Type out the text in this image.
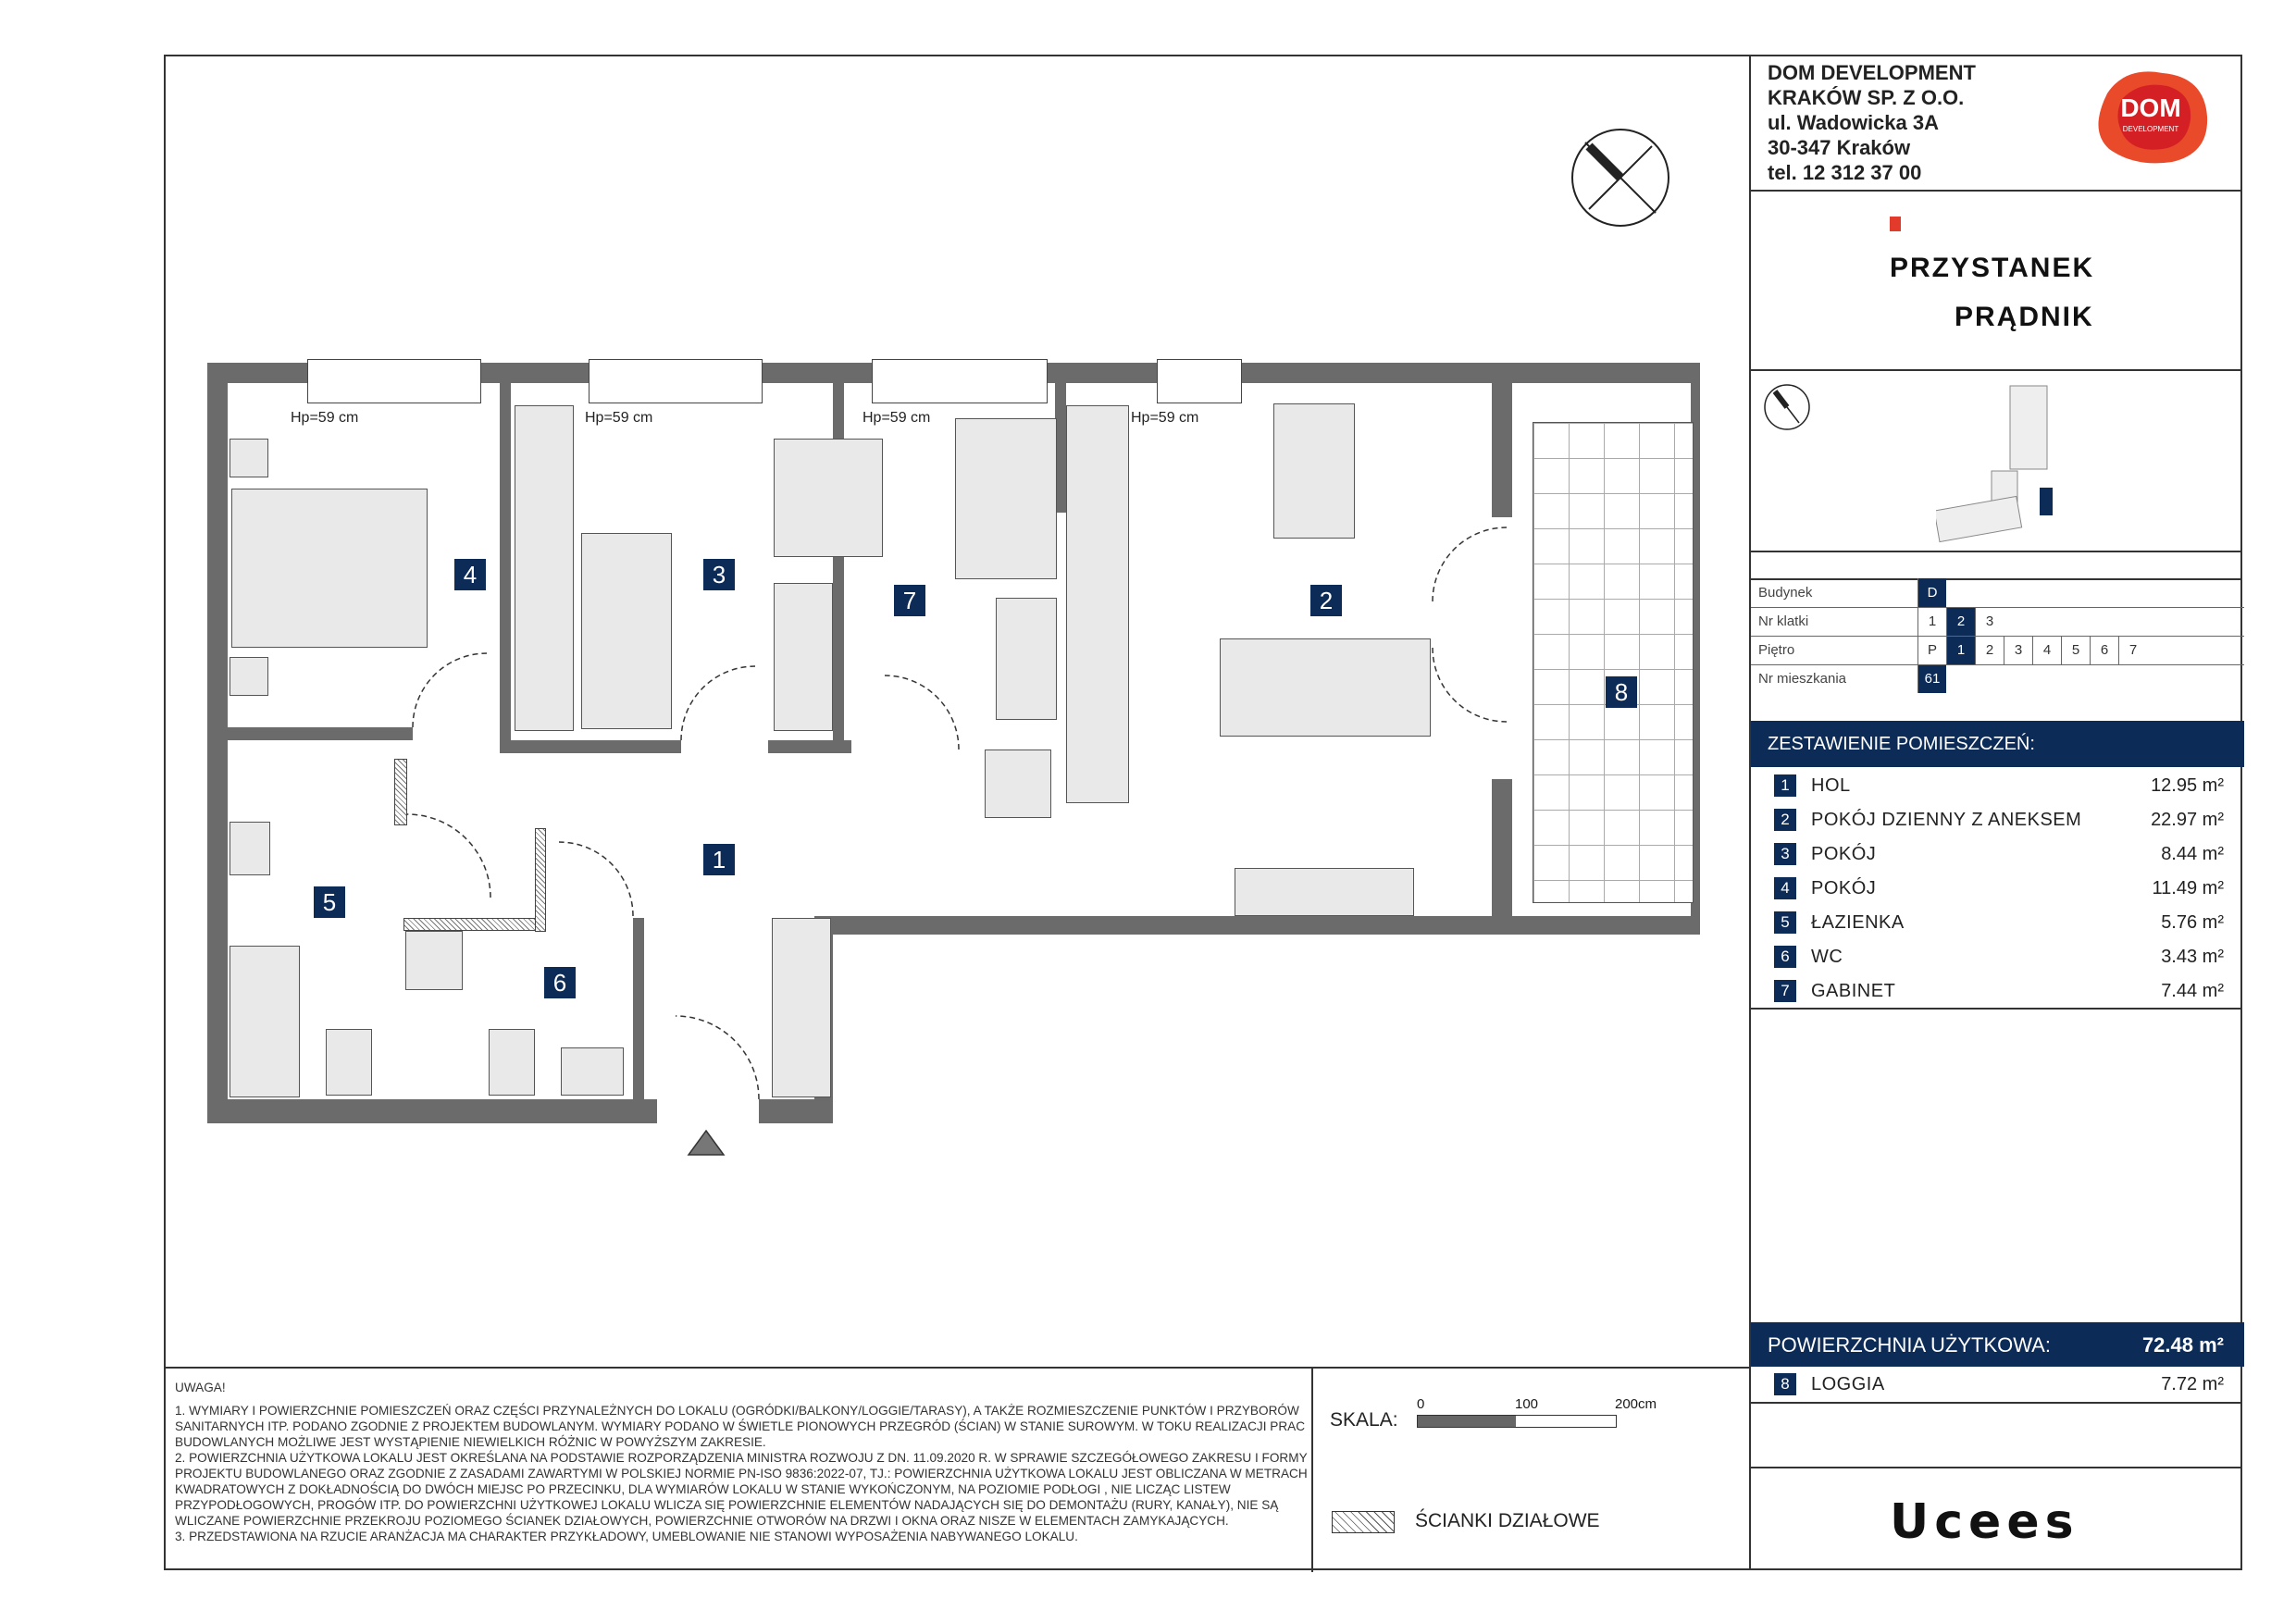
Hp=59 cm	Hp=59 cm	Hp=59 cm	Hp=59 cm
4	3
7	2
8
5
1
6

UWAGA!

1. WYMIARY I POWIERZCHNIE POMIESZCZEŃ ORAZ CZĘŚCI PRZYNALEŻNYCH DO LOKALU (OGRÓDKI/BALKONY/LOGGIE/TARASY), A TAKŻE ROZMIESZCZENIE PUNKTÓW I PRZYBORÓW SANITARNYCH ITP. PODANO ZGODNIE Z PROJEKTEM BUDOWLANYM. WYMIARY PODANO W ŚWIETLE PIONOWYCH PRZEGRÓD (ŚCIAN) W STANIE SUROWYM. W TOKU REALIZACJI PRAC BUDOWLANYCH MOŻLIWE JEST WYSTĄPIENIE NIEWIELKICH RÓŻNIC W POWYŻSZYM ZAKRESIE.

2. POWIERZCHNIA UŻYTKOWA LOKALU JEST OKREŚLANA NA PODSTAWIE ROZPORZĄDZENIA MINISTRA ROZWOJU Z DN. 11.09.2020 R. W SPRAWIE SZCZEGÓŁOWEGO ZAKRESU I FORMY PROJEKTU BUDOWLANEGO ORAZ ZGODNIE Z ZASADAMI ZAWARTYMI W POLSKIEJ NORMIE PN-ISO 9836:2022-07, TJ.: POWIERZCHNIA UŻYTKOWA LOKALU JEST OBLICZANA W METRACH KWADRATOWYCH Z DOKŁADNOŚCIĄ DO DWÓCH MIEJSC PO PRZECINKU, DLA WYMIARÓW LOKALU W STANIE WYKOŃCZONYM, NA POZIOMIE PODŁOGI , NIE LICZĄC LISTEW PRZYPODŁOGOWYCH, PROGÓW ITP. DO POWIERZCHNI UŻYTKOWEJ LOKALU WLICZA SIĘ POWIERZCHNIE ELEMENTÓW NADAJĄCYCH SIĘ DO DEMONTAŻU (RURY, KANAŁY), NIE SĄ WLICZANE POWIERZCHNIE PRZEKROJU POZIOMEGO ŚCIANEK DZIAŁOWYCH, POWIERZCHNIE OTWORÓW NA DRZWI I OKNA ORAZ NISZE W ELEMENTACH ZAMYKAJĄCYCH.

3. PRZEDSTAWIONA NA RZUCIE ARANŻACJA MA CHARAKTER PRZYKŁADOWY, UMEBLOWANIE NIE STANOWI WYPOSAŻENIA NABYWANEGO LOKALU.

SKALA:
0	100	200cm
ŚCIANKI DZIAŁOWE
DOM DEVELOPMENT
KRAKÓW SP. Z O.O.
ul. Wadowicka 3A
30-347 Kraków
tel. 12 312 37 00
DOM
DEVELOPMENT
PRZYSTANEK
PRĄDNIK
Budynek	D
Nr klatki	1	2	3
Piętro	P	1	2	3	4	5	6	7
Nr mieszkania	61
ZESTAWIENIE POMIESZCZEŃ:
1	HOL	12.95 m²
2	POKÓJ DZIENNY Z ANEKSEM	22.97 m²
3	POKÓJ	8.44 m²
4	POKÓJ	11.49 m²
5	ŁAZIENKA	5.76 m²
6	WC	3.43 m²
7	GABINET	7.44 m²
POWIERZCHNIA UŻYTKOWA:	72.48 m²
8	LOGGIA	7.72 m²
Ucees
